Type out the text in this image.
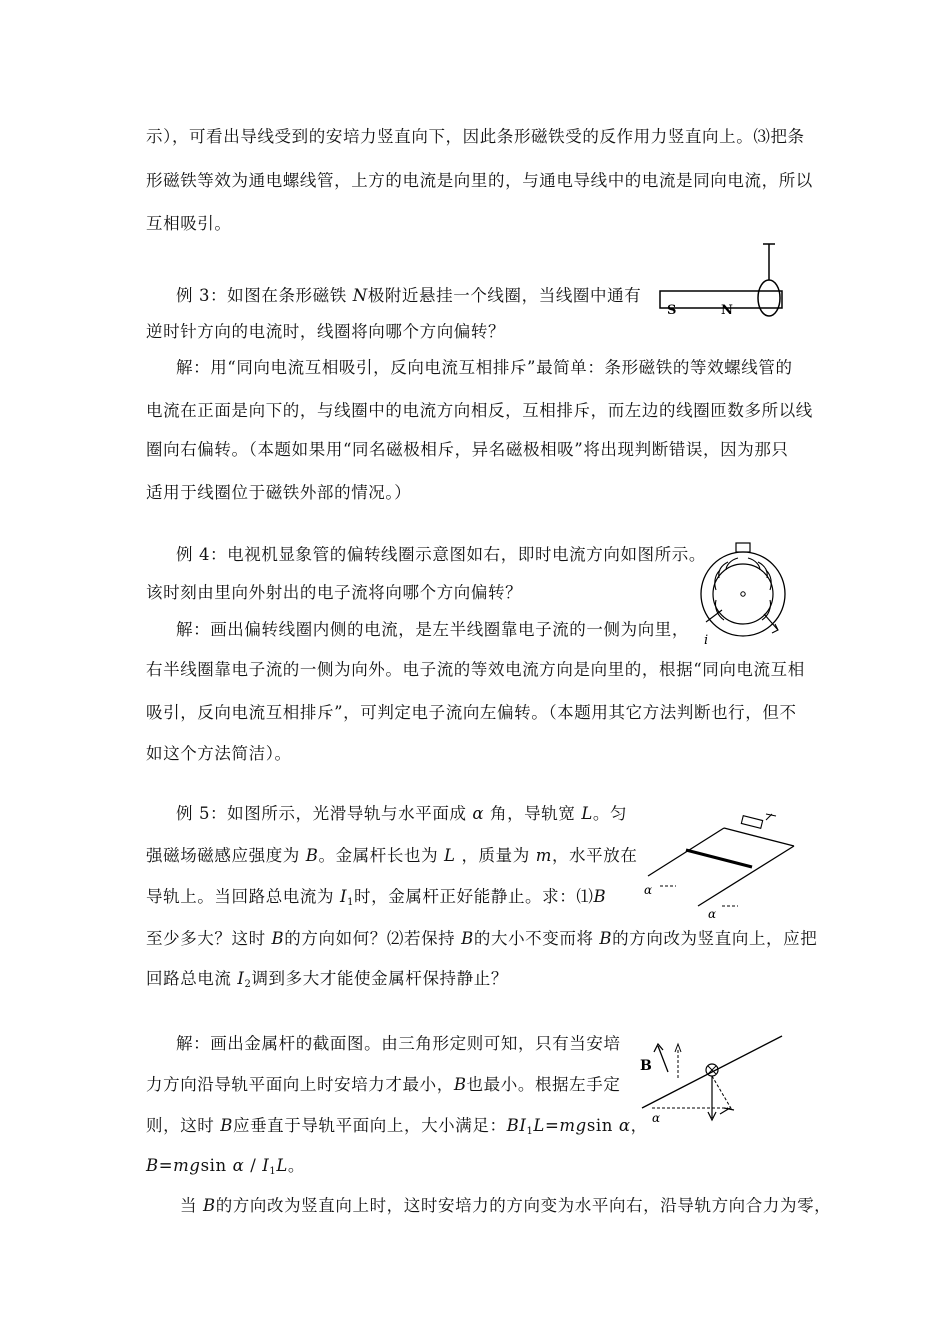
示），可看出导线受到的安培力竖直向下，因此条形磁铁受的反作用力竖直向上。⑶把条
形磁铁等效为通电螺线管，上方的电流是向里的，与通电导线中的电流是同向电流，所以
互相吸引。
例 3：如图在条形磁铁 N极附近悬挂一个线圈，当线圈中通有
逆时针方向的电流时，线圈将向哪个方向偏转？
S	N
解：用“同向电流互相吸引，反向电流互相排斥”最简单：条形磁铁的等效螺线管的
电流在正面是向下的，与线圈中的电流方向相反，互相排斥，而左边的线圈匝数多所以线
圈向右偏转。（本题如果用“同名磁极相斥，异名磁极相吸”将出现判断错误，因为那只
适用于线圈位于磁铁外部的情况。）
例 4：电视机显象管的偏转线圈示意图如右，即时电流方向如图所示。
该时刻由里向外射出的电子流将向哪个方向偏转？
i
解：画出偏转线圈内侧的电流，是左半线圈靠电子流的一侧为向里，
右半线圈靠电子流的一侧为向外。电子流的等效电流方向是向里的，根据“同向电流互相
吸引，反向电流互相排斥”，可判定电子流向左偏转。（本题用其它方法判断也行，但不
如这个方法简洁）。
例 5：如图所示，光滑导轨与水平面成 α 角，导轨宽 L。匀
强磁场磁感应强度为 B。金属杆长也为 L ，质量为 m，水平放在
导轨上。当回路总电流为 $I_1$时，金属杆正好能静止。求：⑴B
至少多大？这时 B的方向如何？⑵若保持 B的大小不变而将 B的方向改为竖直向上，应把
回路总电流 $I_2$调到多大才能使金属杆保持静止？
α
α
解：画出金属杆的截面图。由三角形定则可知，只有当安培
力方向沿导轨平面向上时安培力才最小，B也最小。根据左手定
则，这时 B应垂直于导轨平面向上，大小满足：$BI_1L=mgsin$ α，
B=mgsin α / $I_1L$。
B
α
当 B的方向改为竖直向上时，这时安培力的方向变为水平向右，沿导轨方向合力为零，
